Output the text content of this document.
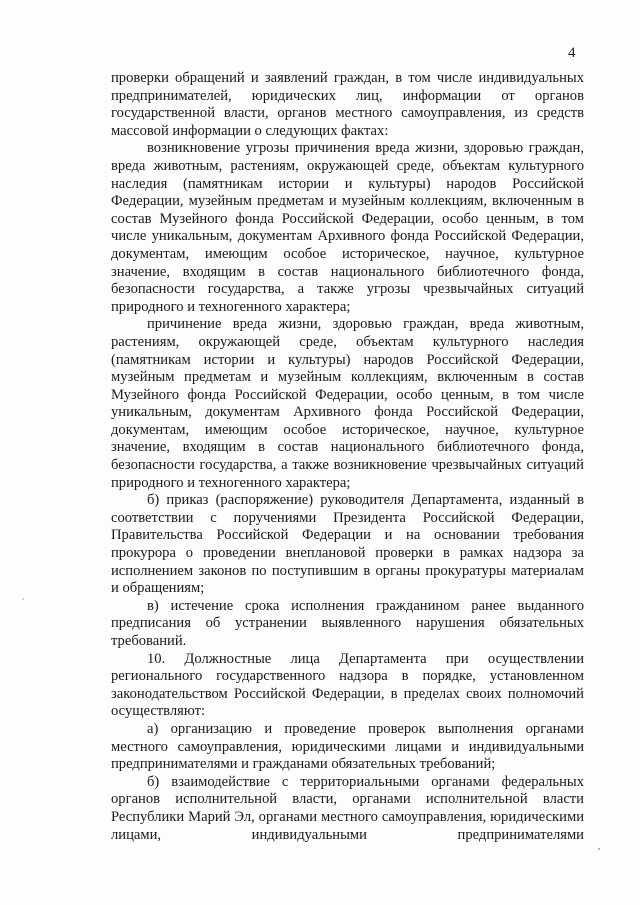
4

проверки обращений и заявлений граждан, в том числе индивидуальных предпринимателей, юридических лиц, информации от органов государственной власти, органов местного самоуправления, из средств массовой информации о следующих фактах:

возникновение угрозы причинения вреда жизни, здоровью граждан, вреда животным, растениям, окружающей среде, объектам культурного наследия (памятникам истории и культуры) народов Российской Федерации, музейным предметам и музейным коллекциям, включенным в состав Музейного фонда Российской Федерации, особо ценным, в том числе уникальным, документам Архивного фонда Российской Федерации, документам, имеющим особое историческое, научное, культурное значение, входящим в состав национального библиотечного фонда, безопасности государства, а также угрозы чрезвычайных ситуаций природного и техногенного характера;

причинение вреда жизни, здоровью граждан, вреда животным, растениям, окружающей среде, объектам культурного наследия (памятникам истории и культуры) народов Российской Федерации, музейным предметам и музейным коллекциям, включенным в состав Музейного фонда Российской Федерации, особо ценным, в том числе уникальным, документам Архивного фонда Российской Федерации, документам, имеющим особое историческое, научное, культурное значение, входящим в состав национального библиотечного фонда, безопасности государства, а также возникновение чрезвычайных ситуаций природного и техногенного характера;

б) приказ (распоряжение) руководителя Департамента, изданный в соответствии с поручениями Президента Российской Федерации, Правительства Российской Федерации и на основании требования прокурора о проведении внеплановой проверки в рамках надзора за исполнением законов по поступившим в органы прокуратуры материалам и обращениям;

в) истечение срока исполнения гражданином ранее выданного предписания об устранении выявленного нарушения обязательных требований.

10. Должностные лица Департамента при осуществлении регионального государственного надзора в порядке, установленном законодательством Российской Федерации, в пределах своих полномочий осуществляют:

а) организацию и проведение проверок выполнения органами местного самоуправления, юридическими лицами и индивидуальными предпринимателями и гражданами обязательных требований;

б) взаимодействие с территориальными органами федеральных органов исполнительной власти, органами исполнительной власти Республики Марий Эл, органами местного самоуправления, юридическими лицами, индивидуальными предпринимателями
